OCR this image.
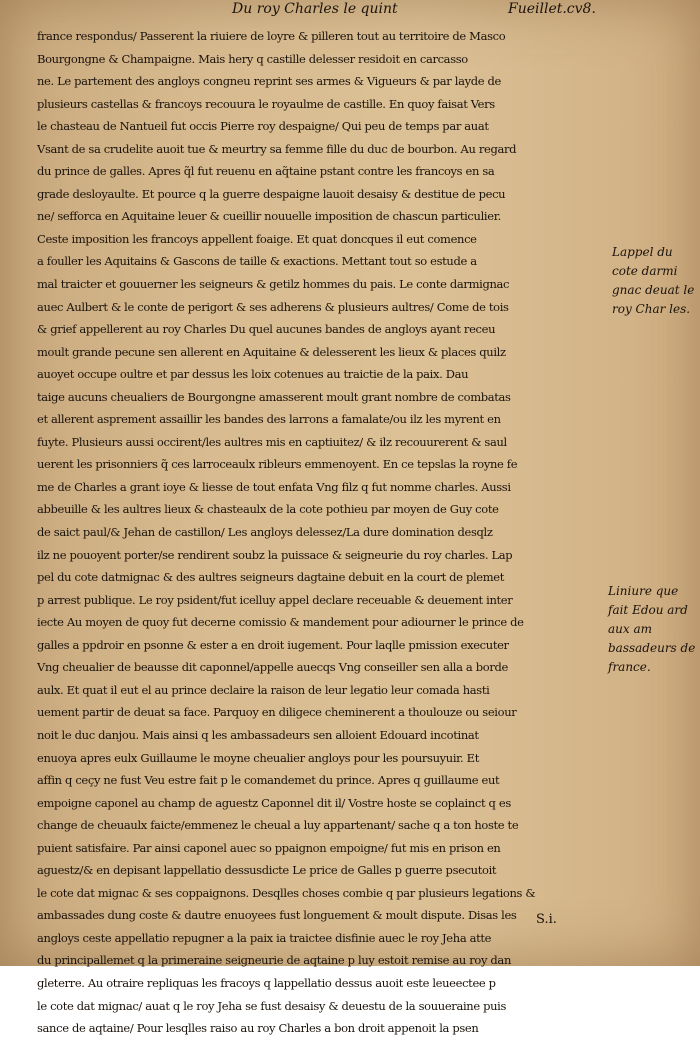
Du roy Charles le quint	Fueillet.cv8.
france respondus/ Passerent la riuiere de loyre & pilleren tout au territoire de Masco
Bourgongne & Champaigne. Mais hery q castille delesser residoit en carcasso
ne. Le partement des angloys congneu reprint ses armes & Vigueurs & par layde de
plusieurs castellas & francoys recouura le royaulme de castille. En quoy faisat Vers
le chasteau de Nantueil fut occis Pierre roy despaigne/ Qui peu de temps par auat
Vsant de sa crudelite auoit tue & meurtry sa femme fille du duc de bourbon. Au regard
du prince de galles. Apres q̃l fut reuenu en aq̃taine pstant contre les francoys en sa
grade desloyaulte. Et pource q la guerre despaigne lauoit desaisy & destitue de pecu
ne/ sefforca en Aquitaine leuer & cueillir nouuelle imposition de chascun particulier.
Ceste imposition les francoys appellent foaige. Et quat doncques il eut comence
a fouller les Aquitains & Gascons de taille & exactions. Mettant tout so estude a
mal traicter et gouuerner les seigneurs & getilz hommes du pais. Le conte darmignac
auec Aulbert & le conte de perigort & ses adherens & plusieurs aultres/ Come de tois
& grief appellerent au roy Charles Du quel aucunes bandes de angloys ayant receu
moult grande pecune sen allerent en Aquitaine & delesserent les lieux & places quilz
auoyet occupe oultre et par dessus les loix cotenues au traictie de la paix. Dau
taige aucuns cheualiers de Bourgongne amasserent moult grant nombre de combatas
et allerent asprement assaillir les bandes des larrons a famalate/ou ilz les myrent en
fuyte. Plusieurs aussi occirent/les aultres mis en captiuitez/ & ilz recouurerent & saul
uerent les prisonniers q̃ ces larroceaulx ribleurs emmenoyent. En ce tepslas la royne fe
me de Charles a grant ioye & liesse de tout enfata Vng filz q fut nomme charles. Aussi
abbeuille & les aultres lieux & chasteaulx de la cote pothieu par moyen de Guy cote
de saict paul/& Jehan de castillon/ Les angloys delessez/La dure domination desqlz
ilz ne pouoyent porter/se rendirent soubz la puissace & seigneurie du roy charles. Lap
pel du cote datmignac & des aultres seigneurs dagtaine debuit en la court de plemet
p arrest publique. Le roy psident/fut icelluy appel declare receuable & deuement inter
iecte Au moyen de quoy fut decerne comissio & mandement pour adiourner le prince de
galles a ppdroir en psonne & ester a en droit iugement. Pour laqlle pmission executer
Vng cheualier de beausse dit caponnel/appelle auecqs Vng conseiller sen alla a borde
aulx. Et quat il eut el au prince declaire la raison de leur legatio leur comada hasti
uement partir de deuat sa face. Parquoy en diligece cheminerent a thoulouze ou seiour
noit le duc danjou. Mais ainsi q les ambassadeurs sen alloient Edouard incotinat
enuoya apres eulx Guillaume le moyne cheualier angloys pour les poursuyuir. Et
affin q ceçy ne fust Veu estre fait p le comandemet du prince. Apres q guillaume eut
empoigne caponel au champ de aguestz Caponnel dit il/ Vostre hoste se coplainct q es
change de cheuaulx faicte/emmenez le cheual a luy appartenant/ sache q a ton hoste te
puient satisfaire. Par ainsi caponel auec so ppaignon empoigne/ fut mis en prison en
aguestz/& en depisant lappellatio dessusdicte Le price de Galles p guerre psecutoit
le cote dat mignac & ses coppaignons. Desqlles choses combie q par plusieurs legations &
ambassades dung coste & dautre enuoyees fust longuement & moult dispute. Disas les
angloys ceste appellatio repugner a la paix ia traictee disfinie auec le roy Jeha atte
du principallemet q la primeraine seigneurie de aqtaine p luy estoit remise au roy dan
gleterre. Au otraire repliquas les fracoys q lappellatio dessus auoit este leueectee p
le cote dat mignac/ auat q le roy Jeha se fust desaisy & deuestu de la souueraine puis
sance de aqtaine/ Pour lesqlles raiso au roy Charles a bon droit appenoit la psen
Lappel du cote darmi gnac deuat le roy Char les.
Liniure que fait Edou ard aux am bassadeurs de france.
S.i.
